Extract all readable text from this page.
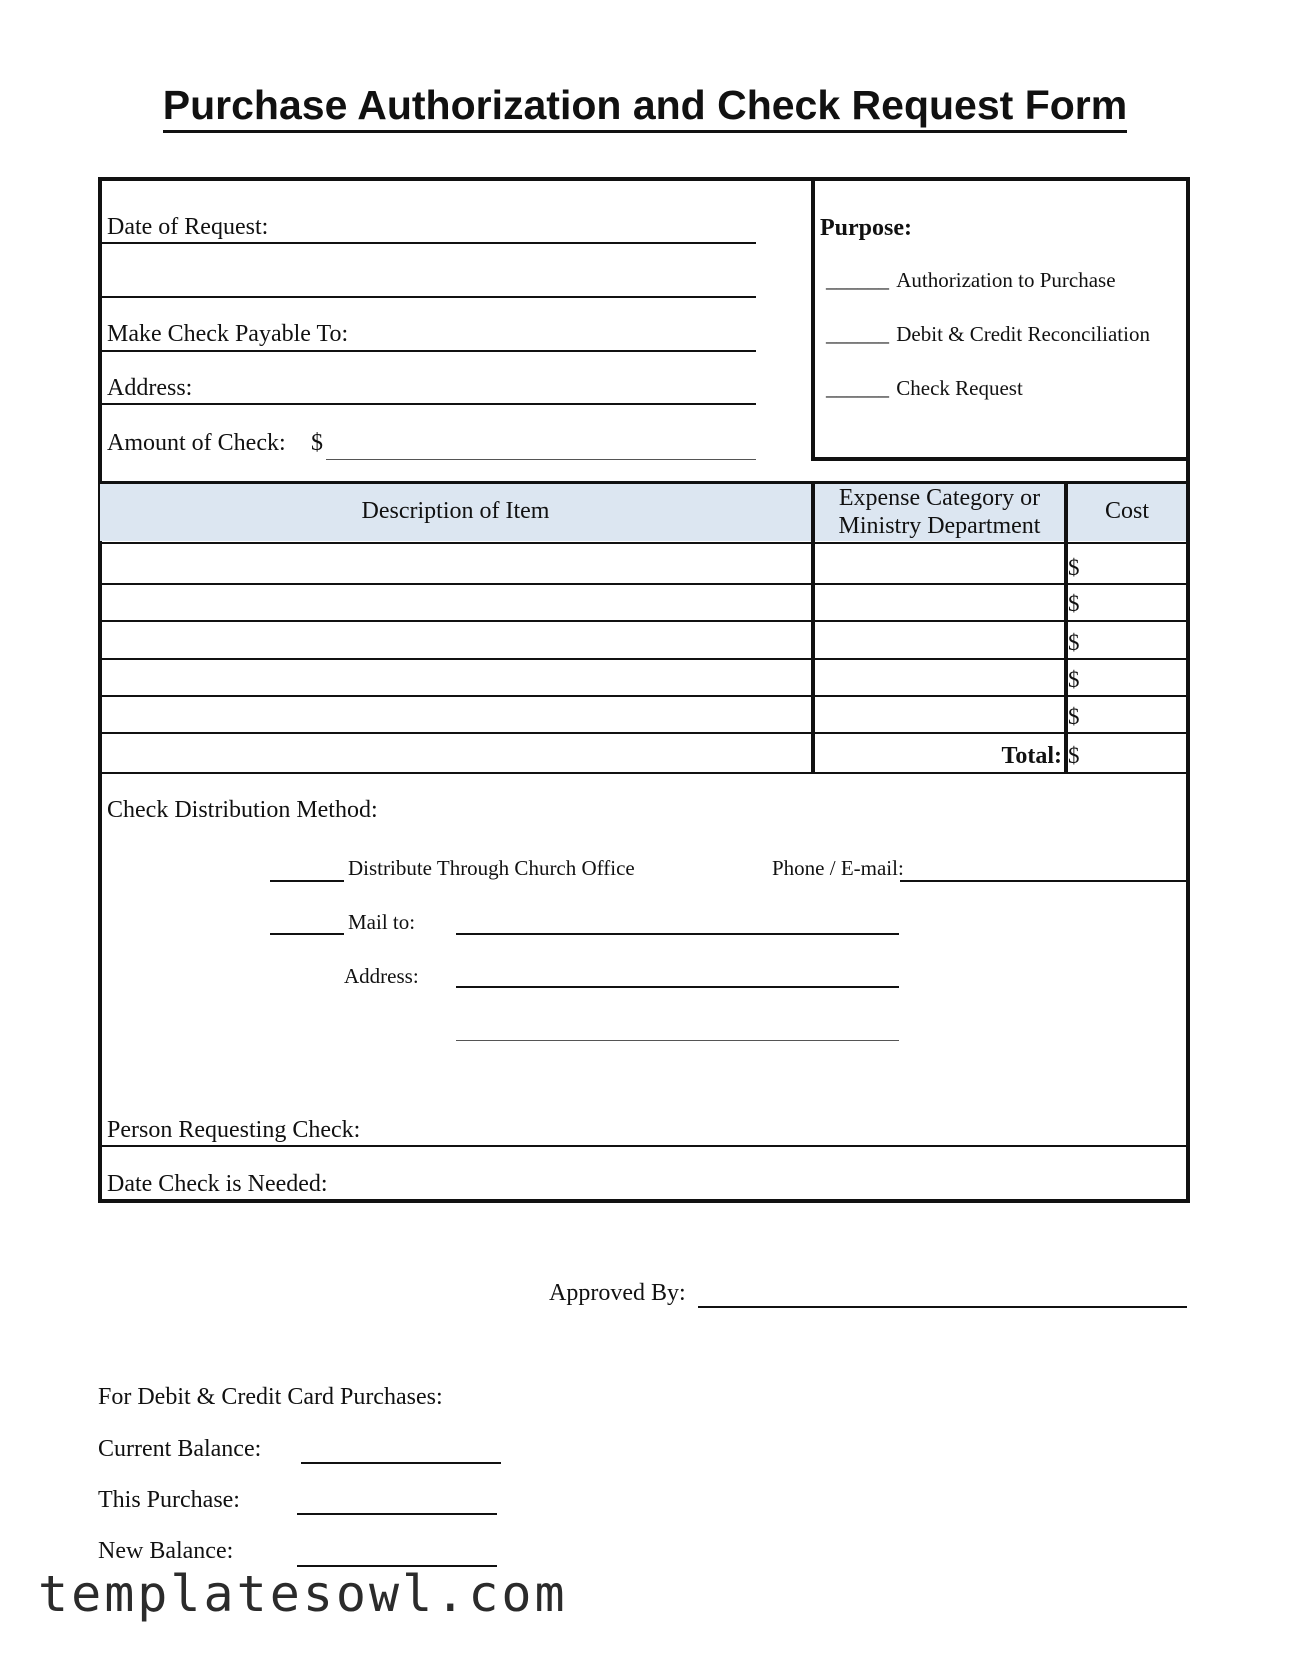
Purchase Authorization and Check Request Form
Date of Request:
Make Check Payable To:
Address:
Amount of Check: $
Purpose:
______ Authorization to Purchase
______ Debit & Credit Reconciliation
______ Check Request
Description of Item	Expense Category or
Ministry Department
Cost
$
$
$
$
$
Total: $
Check Distribution Method:
Distribute Through Church Office	Phone / E-mail:
Mail to:
Address:
Person Requesting Check:
Date Check is Needed:
Approved By:
For Debit & Credit Card Purchases:
Current Balance:
This Purchase:
New Balance:
templatesowl.com
